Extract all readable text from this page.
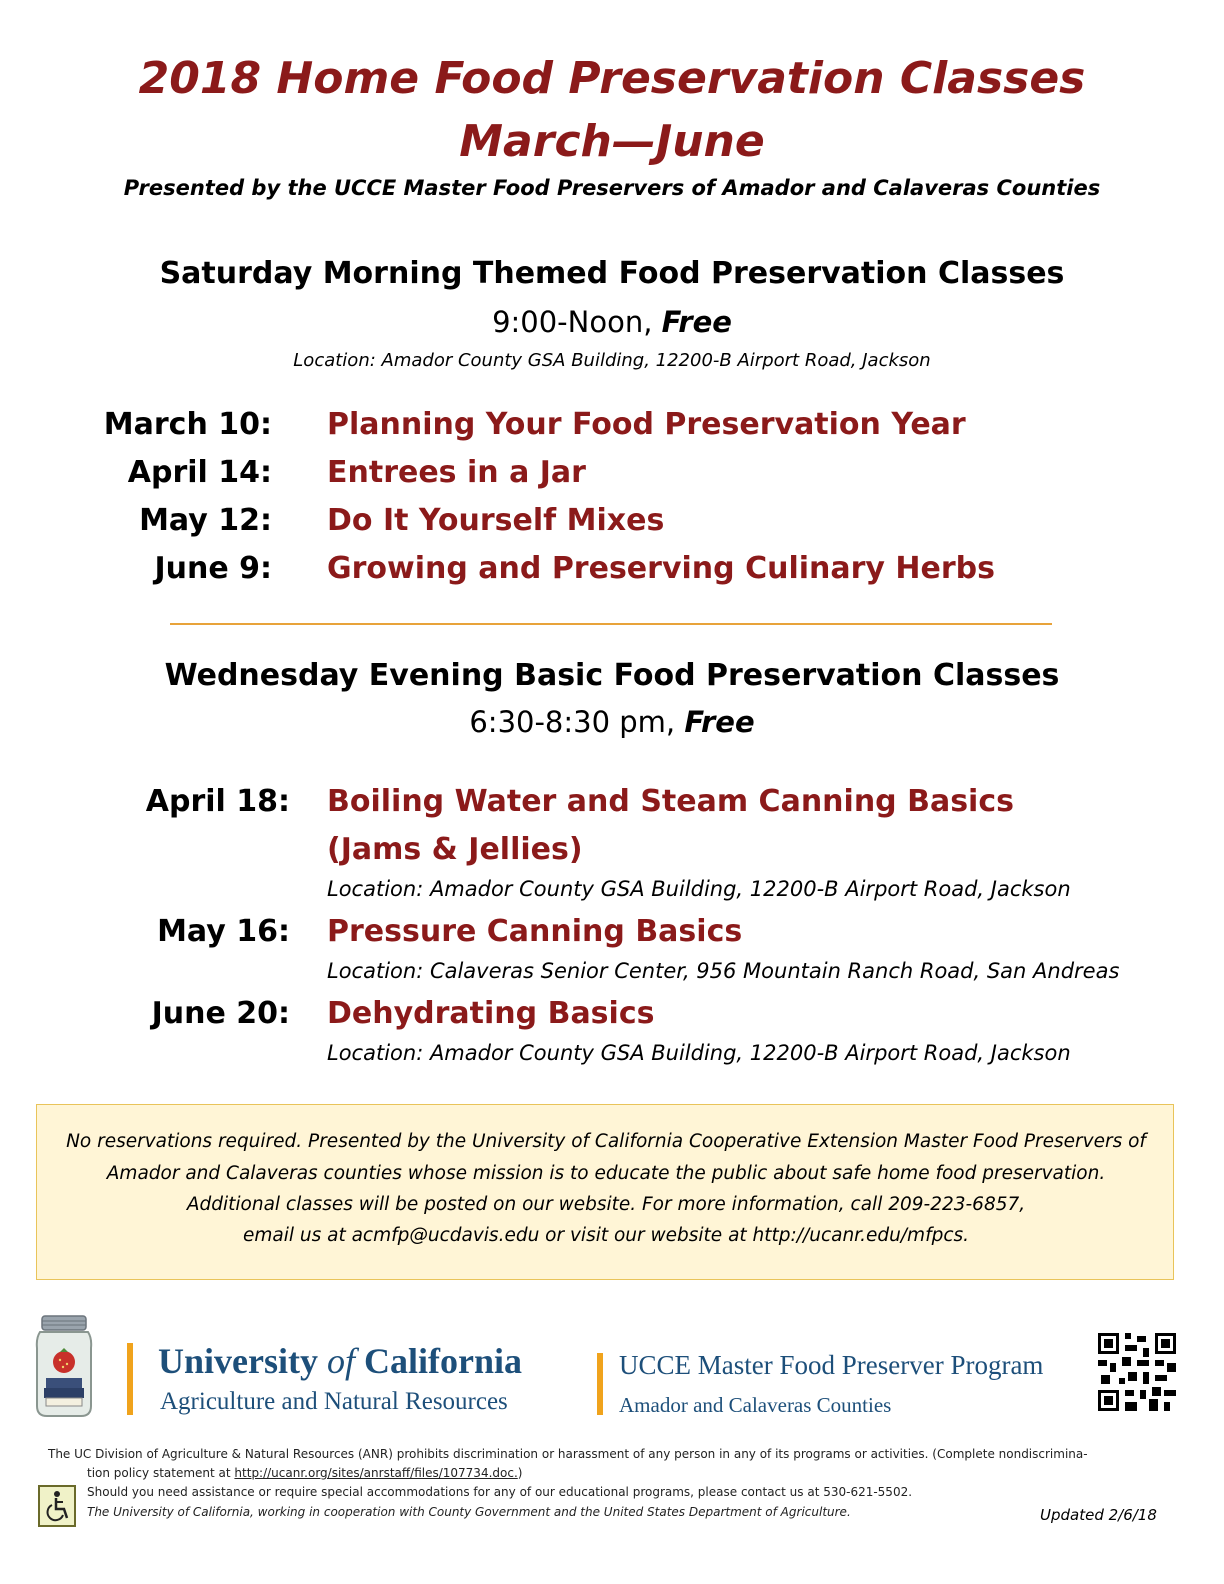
2018 Home Food Preservation Classes
March—June
Presented by the UCCE Master Food Preservers of Amador and Calaveras Counties
Saturday Morning Themed Food Preservation Classes
9:00-Noon, Free
Location: Amador County GSA Building, 12200-B Airport Road, Jackson
March 10: Planning Your Food Preservation Year
April 14: Entrees in a Jar
May 12: Do It Yourself Mixes
June 9: Growing and Preserving Culinary Herbs
Wednesday Evening Basic Food Preservation Classes
6:30-8:30 pm, Free
April 18: Boiling Water and Steam Canning Basics
(Jams & Jellies)
Location: Amador County GSA Building, 12200-B Airport Road, Jackson
May 16: Pressure Canning Basics
Location: Calaveras Senior Center, 956 Mountain Ranch Road, San Andreas
June 20: Dehydrating Basics
Location: Amador County GSA Building, 12200-B Airport Road, Jackson
No reservations required. Presented by the University of California Cooperative Extension Master Food Preservers of
Amador and Calaveras counties whose mission is to educate the public about safe home food preservation.
Additional classes will be posted on our website. For more information, call 209-223-6857,
email us at acmfp@ucdavis.edu or visit our website at http://ucanr.edu/mfpcs.
University of California
Agriculture and Natural Resources
UCCE Master Food Preserver Program
Amador and Calaveras Counties
The UC Division of Agriculture & Natural Resources (ANR) prohibits discrimination or harassment of any person in any of its programs or activities. (Complete nondiscrimina-
tion policy statement at http://ucanr.org/sites/anrstaff/files/107734.doc.)
Should you need assistance or require special accommodations for any of our educational programs, please contact us at 530-621-5502.
The University of California, working in cooperation with County Government and the United States Department of Agriculture.	Updated 2/6/18
